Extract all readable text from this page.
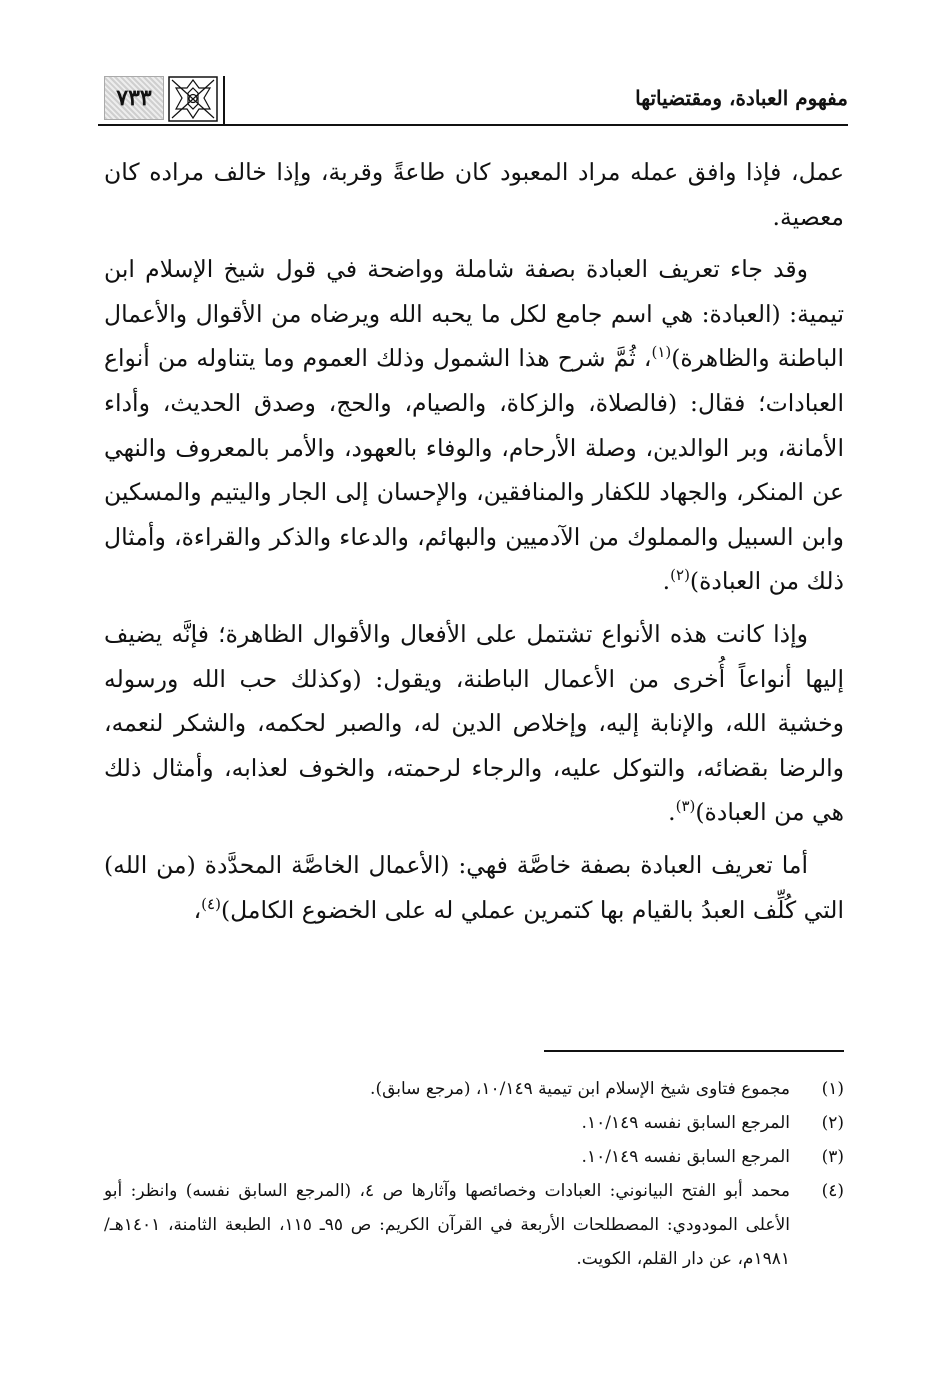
مفهوم العبادة، ومقتضياتها
٧٣٣

عمل، فإذا وافق عمله مراد المعبود كان طاعةً وقربة، وإذا خالف مراده كان معصية.

وقد جاء تعريف العبادة بصفة شاملة وواضحة في قول شيخ الإسلام ابن تيمية: (العبادة: هي اسم جامع لكل ما يحبه الله ويرضاه من الأقوال والأعمال الباطنة والظاهرة)$^{(١)}$، ثُمَّ شرح هذا الشمول وذلك العموم وما يتناوله من أنواع العبادات؛ فقال: (فالصلاة، والزكاة، والصيام، والحج، وصدق الحديث، وأداء الأمانة، وبر الوالدين، وصلة الأرحام، والوفاء بالعهود، والأمر بالمعروف والنهي عن المنكر، والجهاد للكفار والمنافقين، والإحسان إلى الجار واليتيم والمسكين وابن السبيل والمملوك من الآدميين والبهائم، والدعاء والذكر والقراءة، وأمثال ذلك من العبادة)$^{(٢)}$.

وإذا كانت هذه الأنواع تشتمل على الأفعال والأقوال الظاهرة؛ فإنَّه يضيف إليها أنواعاً أُخرى من الأعمال الباطنة، ويقول: (وكذلك حب الله ورسوله وخشية الله، والإنابة إليه، وإخلاص الدين له، والصبر لحكمه، والشكر لنعمه، والرضا بقضائه، والتوكل عليه، والرجاء لرحمته، والخوف لعذابه، وأمثال ذلك هي من العبادة)$^{(٣)}$.

أما تعريف العبادة بصفة خاصَّة فهي: (الأعمال الخاصَّة المحدَّدة (من الله) التي كُلِّف العبدُ بالقيام بها كتمرين عملي له على الخضوع الكامل)$^{(٤)}$،

(١)
مجموع فتاوى شيخ الإسلام ابن تيمية ١٠/١٤٩، (مرجع سابق).
(٢)
المرجع السابق نفسه ١٠/١٤٩.
(٣)
المرجع السابق نفسه ١٠/١٤٩.
(٤)
محمد أبو الفتح البيانوني: العبادات وخصائصها وآثارها ص ٤، (المرجع السابق نفسه) وانظر: أبو الأعلى المودودي: المصطلحات الأربعة في القرآن الكريم: ص ٩٥ـ ١١٥، الطبعة الثامنة، ١٤٠١هـ/١٩٨١م، عن دار القلم، الكويت.
